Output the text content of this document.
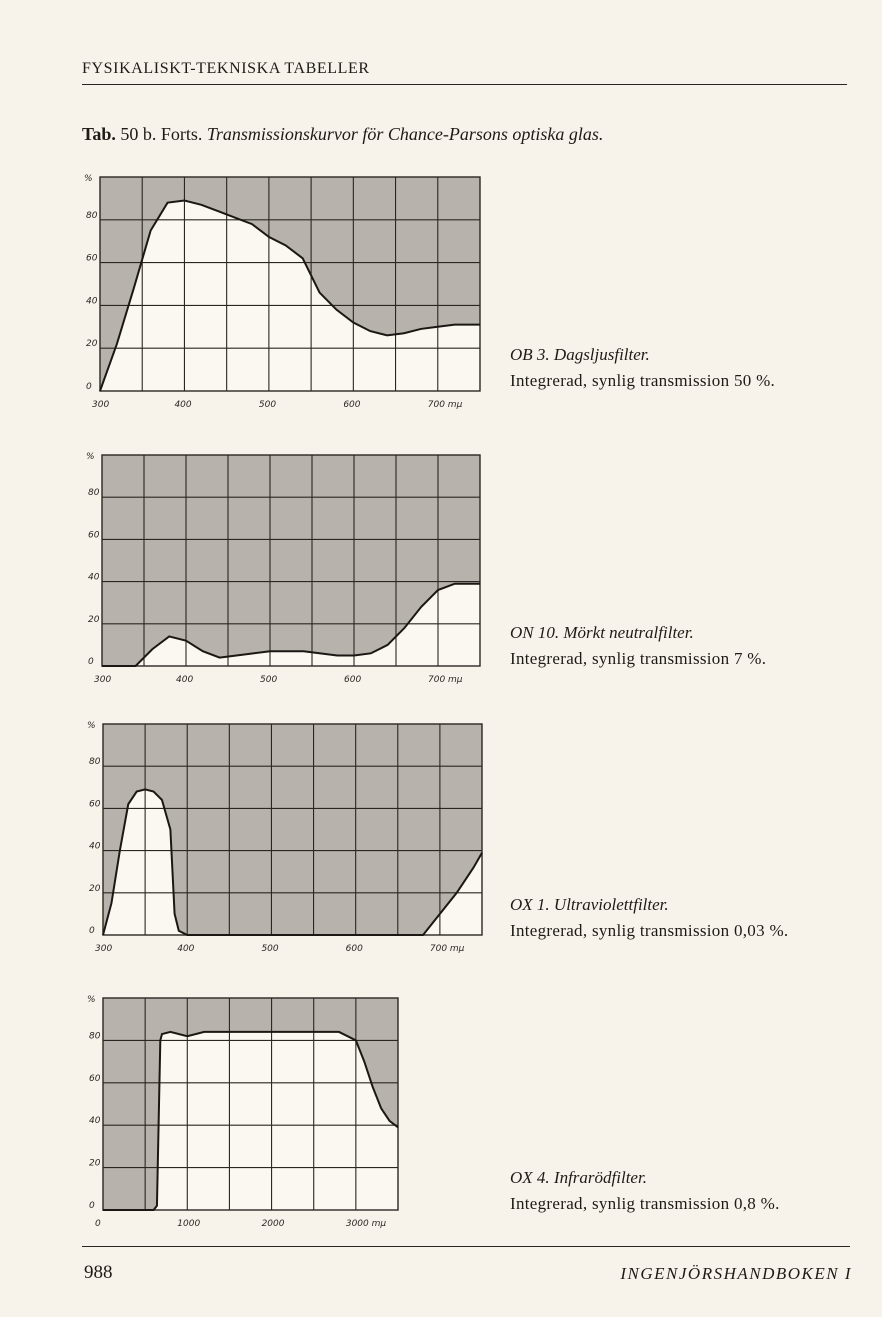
FYSIKALISKT-TEKNISKA TABELLER
Tab. 50 b. Forts. Transmissionskurvor för Chance-Parsons optiska glas.
%
0
20
40
60
80
300	400	500	600	700 mμ
OB 3. Dagsljusfilter.
Integrerad, synlig transmission 50 %.
%
0
20
40
60
80
300	400	500	600	700 mμ
ON 10. Mörkt neutralfilter.
Integrerad, synlig transmission 7 %.
%
0
20
40
60
80
300	400	500	600	700 mμ
OX 1. Ultraviolettfilter.
Integrerad, synlig transmission 0,03 %.
%
0
20
40
60
80
0	1000	2000	3000 mμ
OX 4. Infrarödfilter.
Integrerad, synlig transmission 0,8 %.
988	INGENJÖRSHANDBOKEN I
